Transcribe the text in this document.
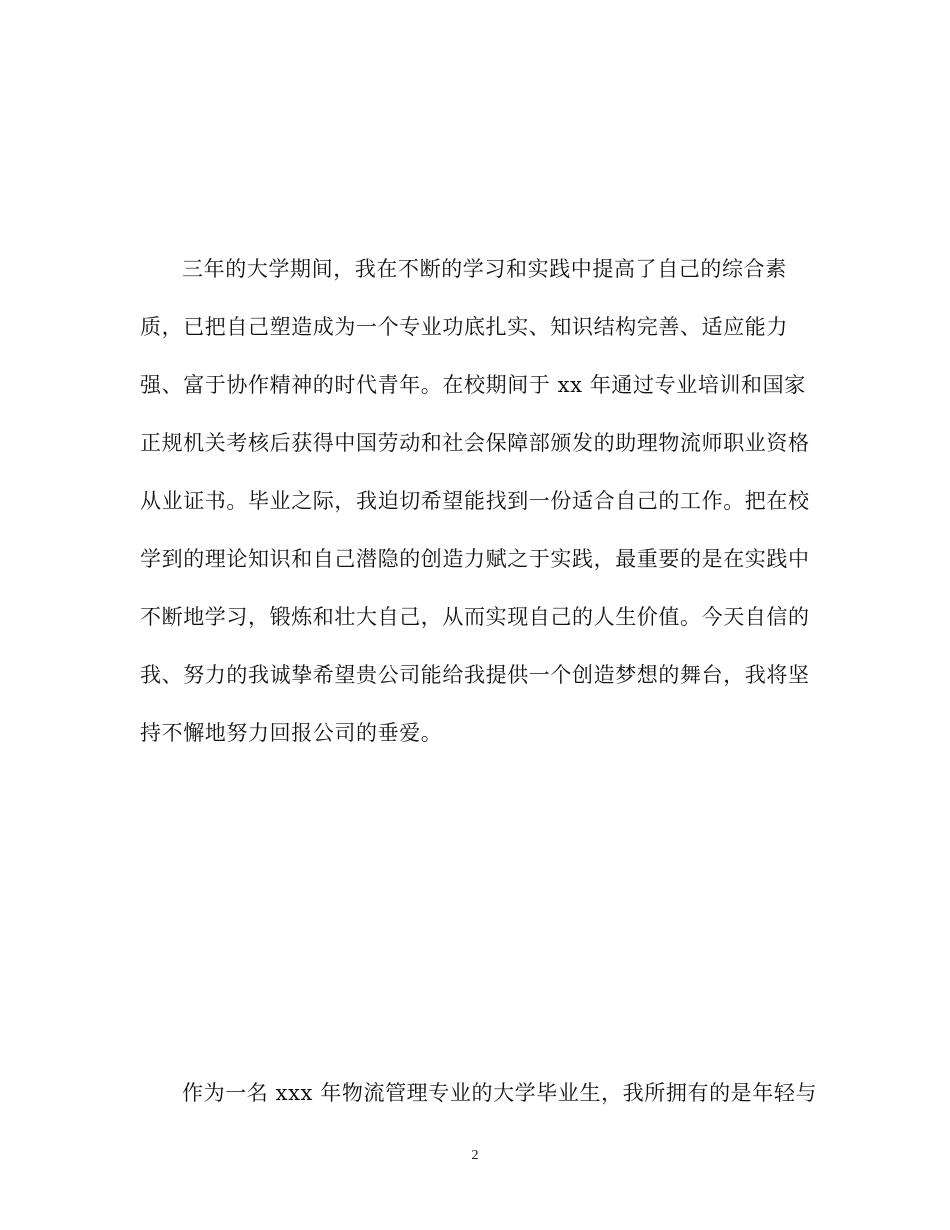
三年的大学期间，我在不断的学习和实践中提高了自己的综合素
质，已把自己塑造成为一个专业功底扎实、知识结构完善、适应能力
强、富于协作精神的时代青年。在校期间于 xx 年通过专业培训和国家
正规机关考核后获得中国劳动和社会保障部颁发的助理物流师职业资格
从业证书。毕业之际，我迫切希望能找到一份适合自己的工作。把在校
学到的理论知识和自己潜隐的创造力赋之于实践，最重要的是在实践中
不断地学习，锻炼和壮大自己，从而实现自己的人生价值。今天自信的
我、努力的我诚挚希望贵公司能给我提供一个创造梦想的舞台，我将坚
持不懈地努力回报公司的垂爱。
作为一名 xxx 年物流管理专业的大学毕业生，我所拥有的是年轻与
2
